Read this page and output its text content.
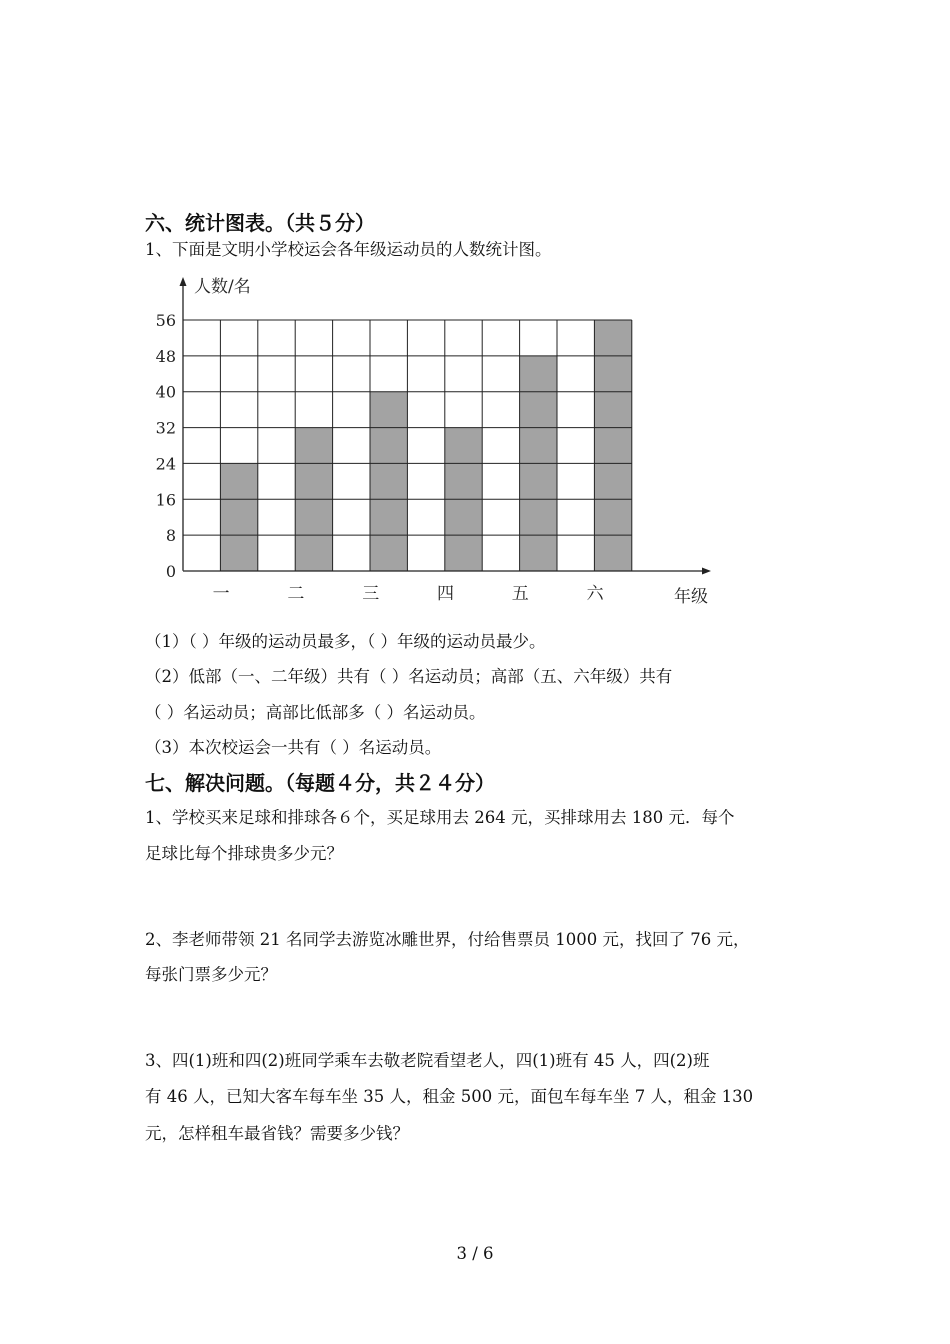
六、统计图表。（共５分）
1、下面是文明小学校运会各年级运动员的人数统计图。
人数/名
年级
0
8
16
24
32
40
48
56
一	二	三	四	五	六
（1）（ ）年级的运动员最多，（ ）年级的运动员最少。
（2）低部（一、二年级）共有（ ）名运动员；高部（五、六年级）共有
（ ）名运动员；高部比低部多（ ）名运动员。
（3）本次校运会一共有（ ）名运动员。
七、解决问题。（每题４分，共２４分）
1、学校买来足球和排球各６个，买足球用去 264 元，买排球用去 180 元．每个
足球比每个排球贵多少元？
2、李老师带领 21 名同学去游览冰雕世界，付给售票员 1000 元，找回了 76 元，
每张门票多少元？
3、四(1)班和四(2)班同学乘车去敬老院看望老人，四(1)班有 45 人，四(2)班
有 46 人，已知大客车每车坐 35 人，租金 500 元，面包车每车坐 7 人，租金 130
元，怎样租车最省钱？需要多少钱？
3 / 6
